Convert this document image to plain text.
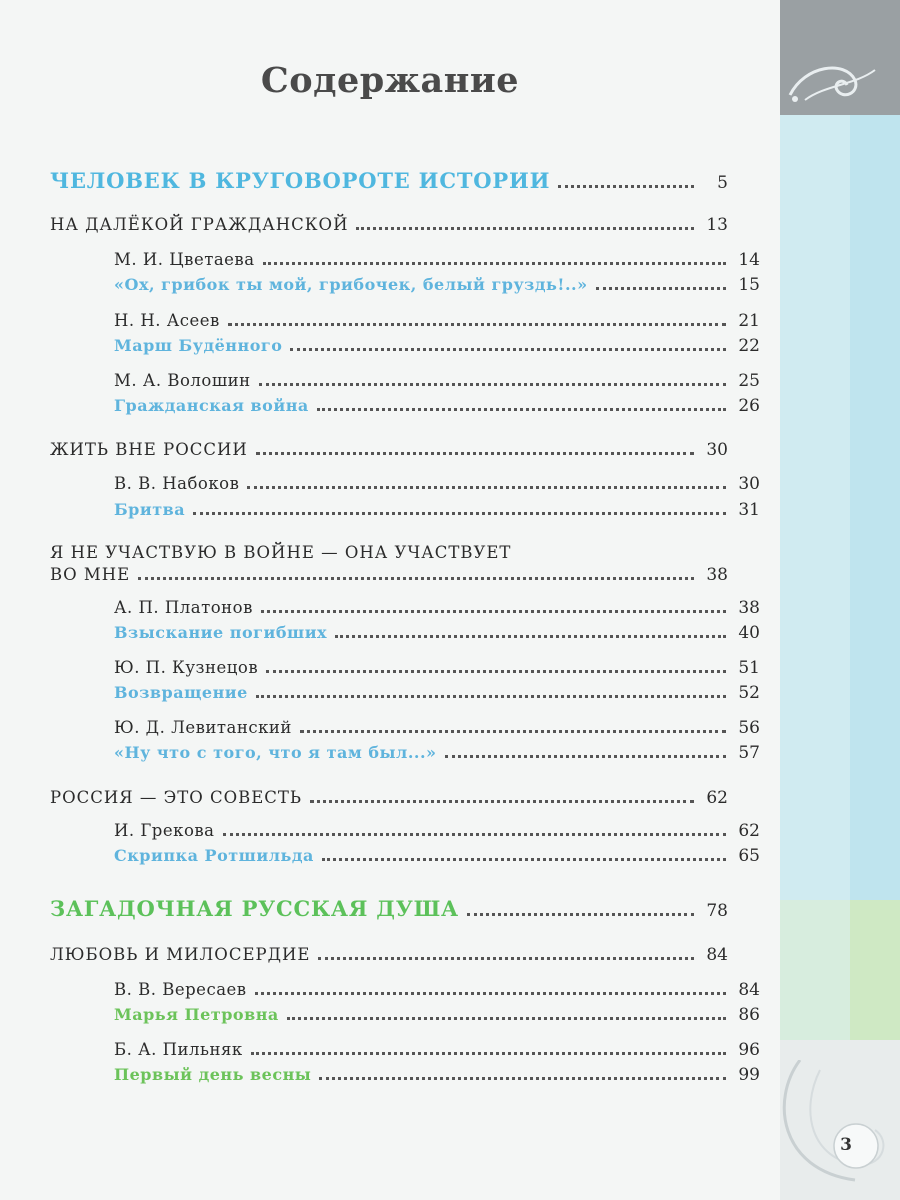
3
Содержание
ЧЕЛОВЕК В КРУГОВОРОТЕ ИСТОРИИ	5
НА ДАЛЁКОЙ ГРАЖДАНСКОЙ	13
М. И. Цветаева	14
«Ох, грибок ты мой, грибочек, белый груздь!..»	15
Н. Н. Асеев	21
Марш Будённого	22
М. А. Волошин	25
Гражданская война	26
ЖИТЬ ВНЕ РОССИИ	30
В. В. Набоков	30
Бритва	31
Я НЕ УЧАСТВУЮ В ВОЙНЕ — ОНА УЧАСТВУЕТ
ВО МНЕ	38
А. П. Платонов	38
Взыскание погибших	40
Ю. П. Кузнецов	51
Возвращение	52
Ю. Д. Левитанский	56
«Ну что с того, что я там был...»	57
РОССИЯ — ЭТО СОВЕСТЬ	62
И. Грекова	62
Скрипка Ротшильда	65
ЗАГАДОЧНАЯ РУССКАЯ ДУША	78
ЛЮБОВЬ И МИЛОСЕРДИЕ	84
В. В. Вересаев	84
Марья Петровна	86
Б. А. Пильняк	96
Первый день весны	99
